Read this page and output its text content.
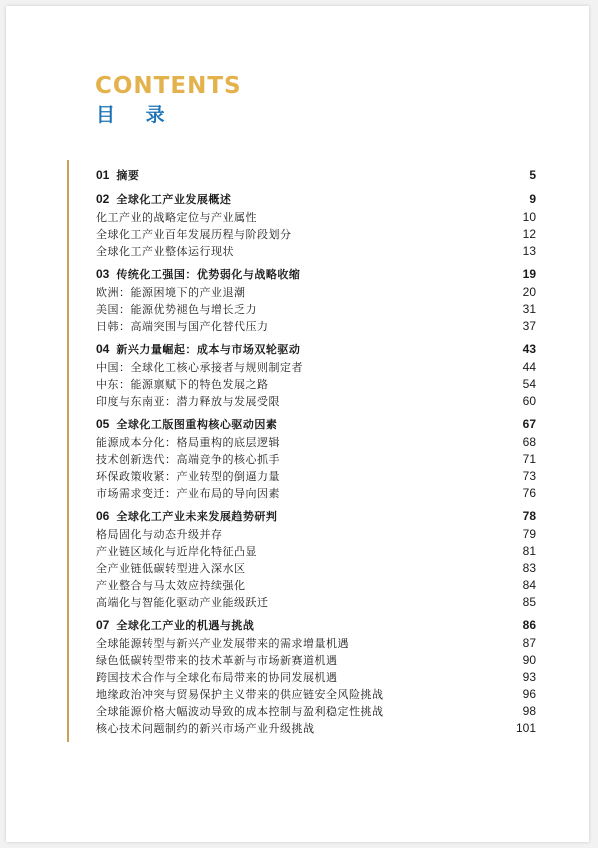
CONTENTS
目 录
01 摘要	5
02 全球化工产业发展概述	9
化工产业的战略定位与产业属性	10
全球化工产业百年发展历程与阶段划分	12
全球化工产业整体运行现状	13
03 传统化工强国：优势弱化与战略收缩	19
欧洲：能源困境下的产业退潮	20
美国：能源优势褪色与增长乏力	31
日韩：高端突围与国产化替代压力	37
04 新兴力量崛起：成本与市场双轮驱动	43
中国：全球化工核心承接者与规则制定者	44
中东：能源禀赋下的特色发展之路	54
印度与东南亚：潜力释放与发展受限	60
05 全球化工版图重构核心驱动因素	67
能源成本分化：格局重构的底层逻辑	68
技术创新迭代：高端竞争的核心抓手	71
环保政策收紧：产业转型的倒逼力量	73
市场需求变迁：产业布局的导向因素	76
06 全球化工产业未来发展趋势研判	78
格局固化与动态升级并存	79
产业链区域化与近岸化特征凸显	81
全产业链低碳转型进入深水区	83
产业整合与马太效应持续强化	84
高端化与智能化驱动产业能级跃迁	85
07 全球化工产业的机遇与挑战	86
全球能源转型与新兴产业发展带来的需求增量机遇	87
绿色低碳转型带来的技术革新与市场新赛道机遇	90
跨国技术合作与全球化布局带来的协同发展机遇	93
地缘政治冲突与贸易保护主义带来的供应链安全风险挑战	96
全球能源价格大幅波动导致的成本控制与盈利稳定性挑战	98
核心技术问题制约的新兴市场产业升级挑战	101
